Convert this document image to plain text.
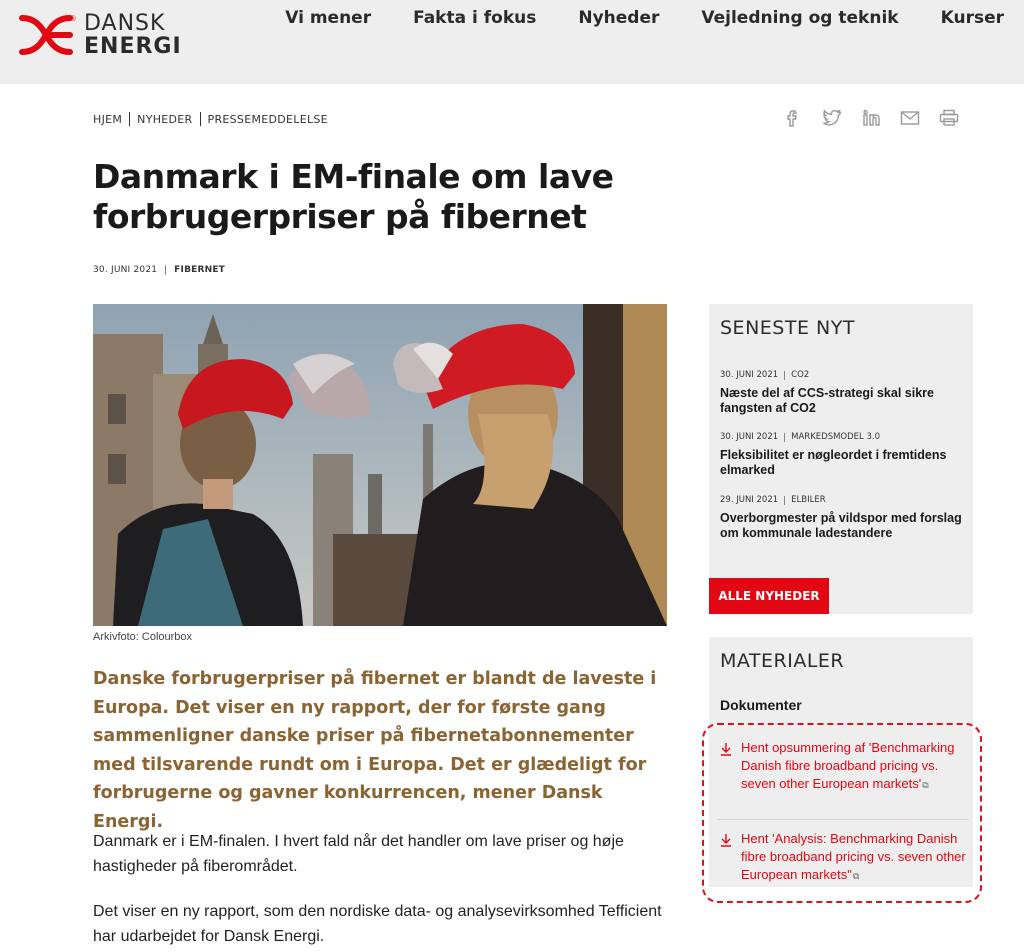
® DANSK
ENERGI
Vi mener Fakta i fokus Nyheder Vejledning og teknik Kurser
HJEM NYHEDER PRESSEMEDDELELSE
Danmark i EM-finale om lave forbrugerpriser på fibernet
30. JUNI 2021 FIBERNET
Arkivfoto: Colourbox

Danske forbrugerpriser på fibernet er blandt de laveste i Europa. Det viser en ny rapport, der for første gang sammenligner danske priser på fibernetabonnementer med tilsvarende rundt om i Europa. Det er glædeligt for forbrugerne og gavner konkurrencen, mener Dansk Energi.

Danmark er i EM-finalen. I hvert fald når det handler om lave priser og høje hastigheder på fiberområdet.

Det viser en ny rapport, som den nordiske data- og analysevirksomhed Tefficient har udarbejdet for Dansk Energi.

SENESTE NYT
30. JUNI 2021 CO2
Næste del af CCS-strategi skal sikre fangsten af CO2
30. JUNI 2021 MARKEDSMODEL 3.0
Fleksibilitet er nøgleordet i fremtidens elmarked
29. JUNI 2021 ELBILER
Overborgmester på vildspor med forslag om kommunale ladestandere
ALLE NYHEDER
MATERIALER
Dokumenter
Hent opsummering af 'Benchmarking Danish fibre broadband pricing vs. seven other European markets'⧉
Hent 'Analysis: Benchmarking Danish fibre broadband pricing vs. seven other European markets"⧉
